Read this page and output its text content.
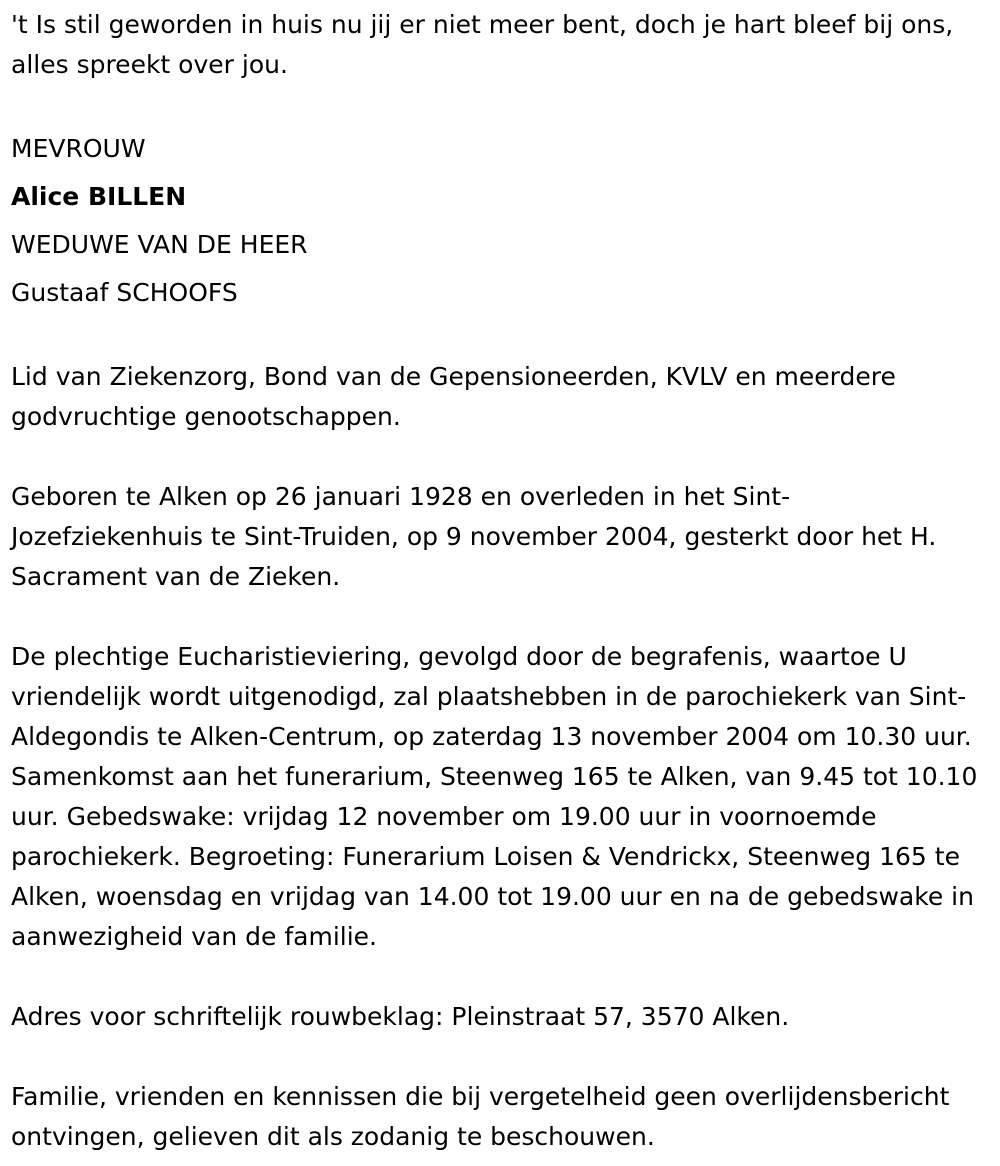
't Is stil geworden in huis nu jij er niet meer bent, doch je hart bleef bij ons, alles spreekt over jou.

MEVROUW
Alice BILLEN
WEDUWE VAN DE HEER
Gustaaf SCHOOFS

Lid van Ziekenzorg, Bond van de Gepensioneerden, KVLV en meerdere godvruchtige genootschappen.

Geboren te Alken op 26 januari 1928 en overleden in het Sint-Jozefziekenhuis te Sint-Truiden, op 9 november 2004, gesterkt door het H. Sacrament van de Zieken.

De plechtige Eucharistieviering, gevolgd door de begrafenis, waartoe U vriendelijk wordt uitgenodigd, zal plaatshebben in de parochiekerk van Sint-Aldegondis te Alken-Centrum, op zaterdag 13 november 2004 om 10.30 uur. Samenkomst aan het funerarium, Steenweg 165 te Alken, van 9.45 tot 10.10 uur. Gebedswake: vrijdag 12 november om 19.00 uur in voornoemde parochiekerk. Begroeting: Funerarium Loisen & Vendrickx, Steenweg 165 te Alken, woensdag en vrijdag van 14.00 tot 19.00 uur en na de gebedswake in aanwezigheid van de familie.

Adres voor schriftelijk rouwbeklag: Pleinstraat 57, 3570 Alken.

Familie, vrienden en kennissen die bij vergetelheid geen overlijdensbericht ontvingen, gelieven dit als zodanig te beschouwen.
